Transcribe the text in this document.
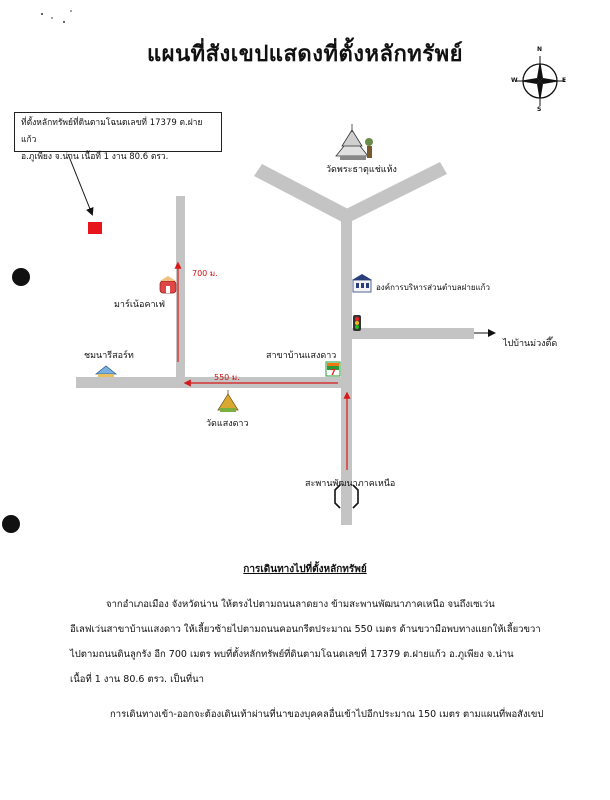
7
N
S
E
W
แผนที่สังเขปแสดงที่ตั้งหลักทรัพย์
ที่ตั้งหลักทรัพย์ที่ดินตามโฉนดเลขที่ 17379 ต.ฝายแก้ว
อ.ภูเพียง จ.น่าน เนื้อที่ 1 งาน 80.6 ตรว.
วัดพระธาตุแช่แห้ง
องค์การบริหารส่วนตำบลฝายแก้ว
ไปบ้านม่วงตึ๊ด
สาขาบ้านแสงดาว
มาร์เน้อคาเฟ่
ชมนารีสอร์ท
วัดแสงดาว
สะพานพัฒนาภาคเหนือ
700 ม.
550 ม.
การเดินทางไปที่ตั้งหลักทรัพย์
จากอำเภอเมือง จังหวัดน่าน ให้ตรงไปตามถนนลาดยาง ข้ามสะพานพัฒนาภาคเหนือ จนถึงเซเว่น
อีเลฟเว่นสาขาบ้านแสงดาว ให้เลี้ยวซ้ายไปตามถนนคอนกรีตประมาณ 550 เมตร ด้านขวามือพบทางแยกให้เลี้ยวขวา
ไปตามถนนดินลูกรัง อีก 700 เมตร พบที่ตั้งหลักทรัพย์ที่ดินตามโฉนดเลขที่ 17379 ต.ฝายแก้ว อ.ภูเพียง จ.น่าน
เนื้อที่ 1 งาน 80.6 ตรว. เป็นที่นา
การเดินทางเข้า-ออกจะต้องเดินเท้าผ่านที่นาของบุคคลอื่นเข้าไปอีกประมาณ 150 เมตร ตามแผนที่พอสังเขป
